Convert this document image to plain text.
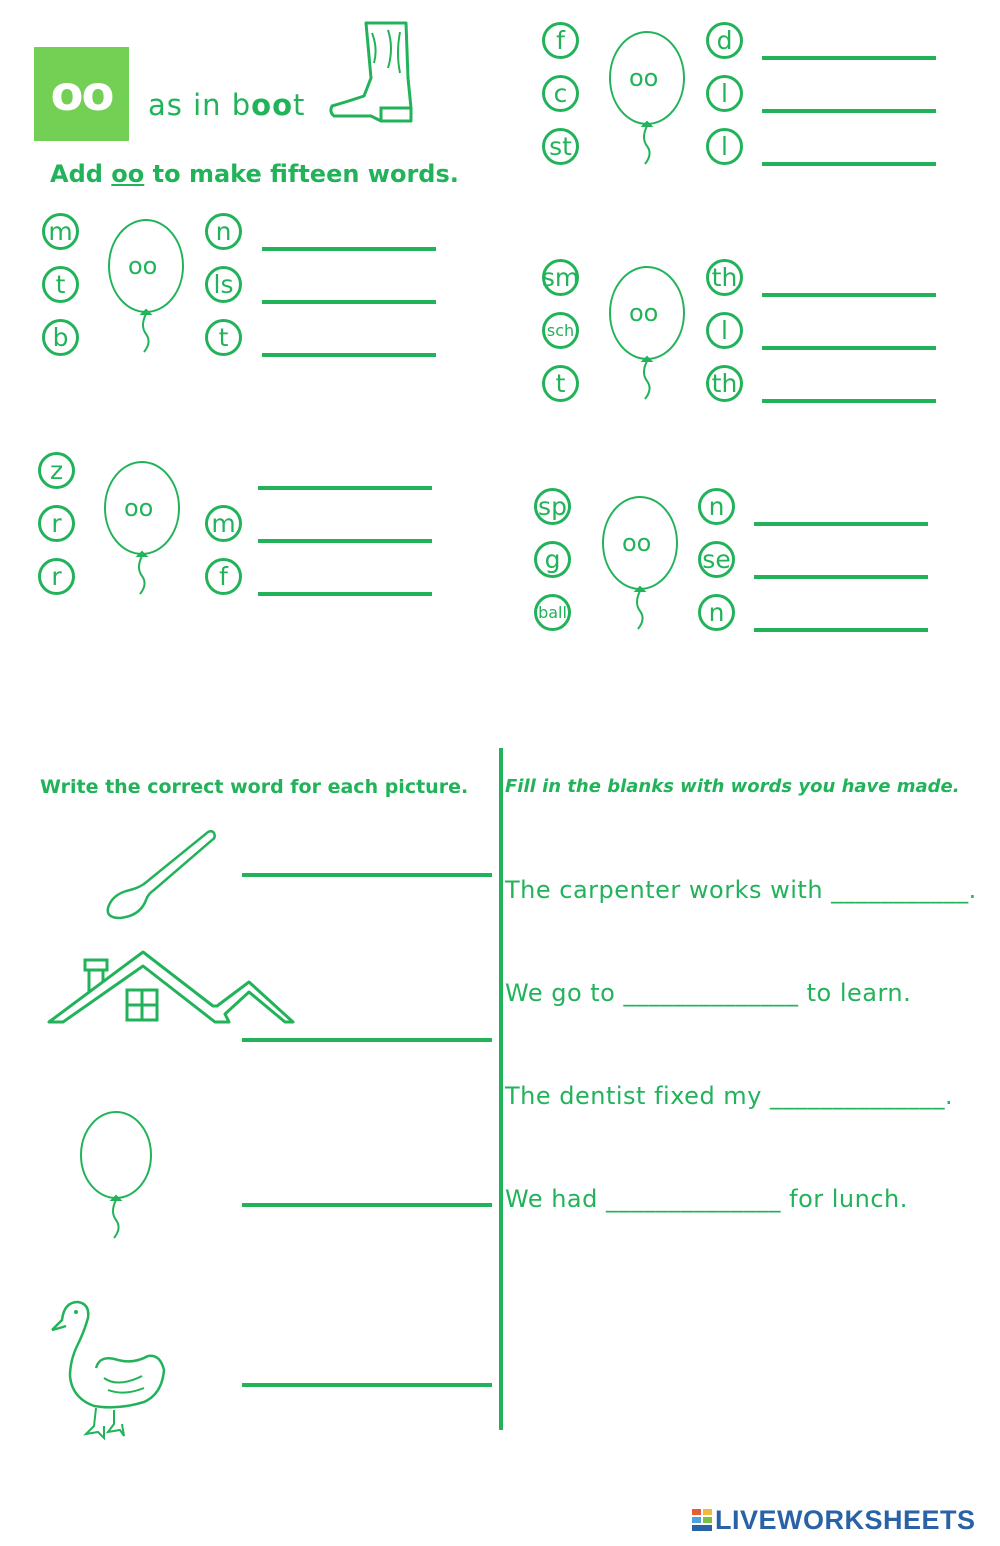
oo	as in boot
Add oo to make fifteen words.
m
t
b
oo
n
ls
t
z
r
r
oo
m
f
f
c
st
oo
d
l
l
sm
sch
t
oo
th
l
th
sp
g
ball
oo
n
se
n
Write the correct word for each picture. Fill in the blanks with words you have made.
The carpenter works with ___________.
We go to ______________ to learn.
The dentist fixed my ______________.
We had ______________ for lunch.
LIVEWORKSHEETS
